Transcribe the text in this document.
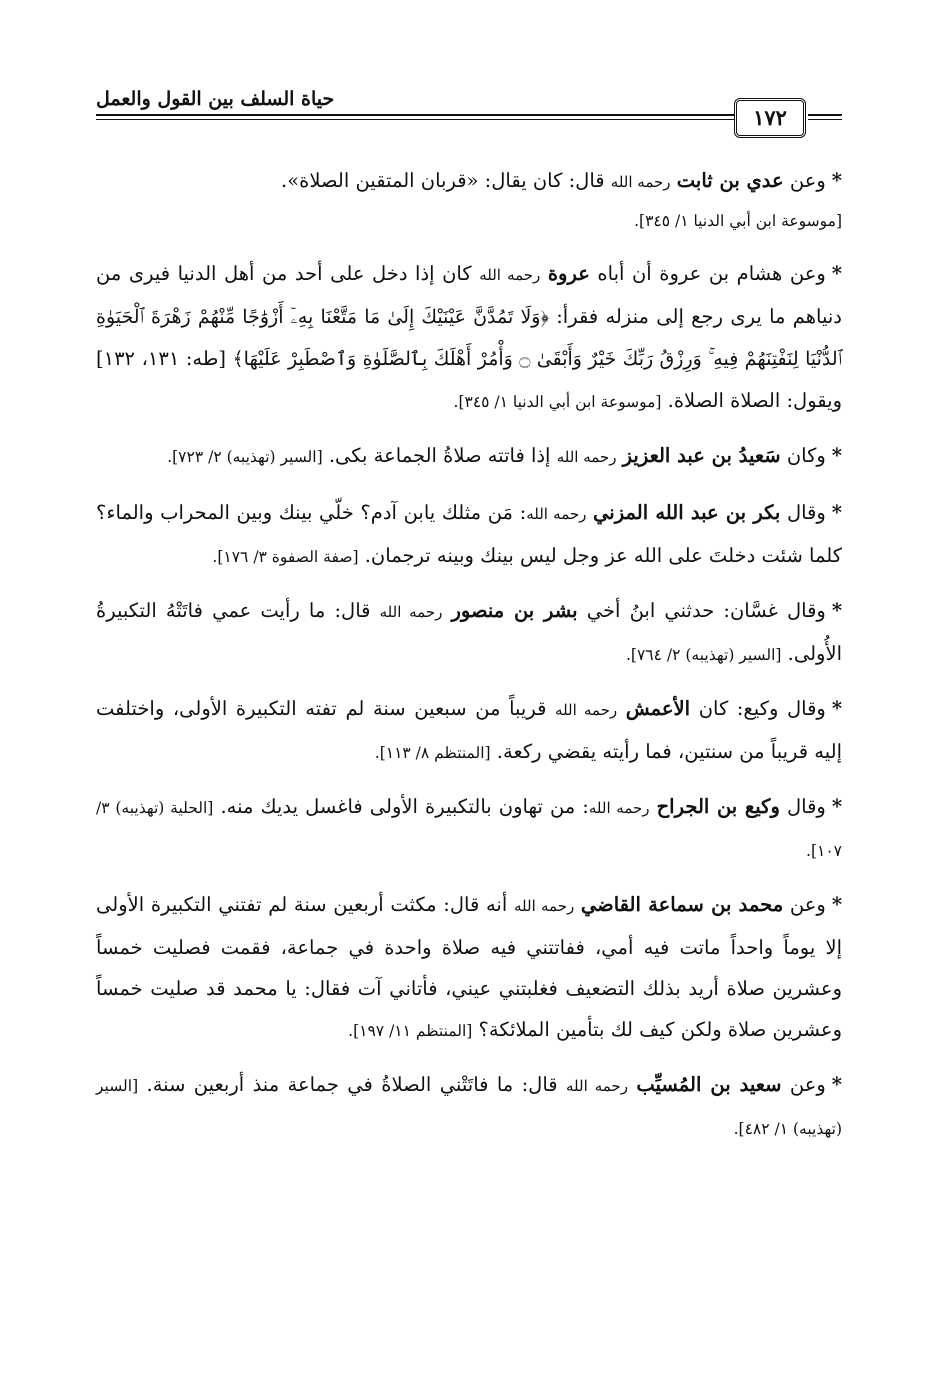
حياة السلف بين القول والعمل
١٧٢

*وعن عدي بن ثابت رحمه الله قال: كان يقال: «قربان المتقين الصلاة».

[موسوعة ابن أبي الدنيا ١/ ٣٤٥].

*وعن هشام بن عروة أن أباه عروة رحمه الله كان إذا دخل على أحد من أهل الدنيا فيرى من دنياهم ما يرى رجع إلى منزله فقرأ: ﴿وَلَا تَمُدَّنَّ عَيْنَيْكَ إِلَىٰ مَا مَتَّعْنَا بِهِۦٓ أَزْوَٰجًا مِّنْهُمْ زَهْرَةَ ٱلْحَيَوٰةِ ٱلدُّنْيَا لِنَفْتِنَهُمْ فِيهِ ۚ وَرِزْقُ رَبِّكَ خَيْرٌ وَأَبْقَىٰ ۝ وَأْمُرْ أَهْلَكَ بِٱلصَّلَوٰةِ وَٱصْطَبِرْ عَلَيْهَا﴾ [طه: ١٣١، ١٣٢] ويقول: الصلاة الصلاة. [موسوعة ابن أبي الدنيا ١/ ٣٤٥].

*وكان سَعيدُ بن عبد العزيز رحمه الله إذا فاتته صلاةُ الجماعة بكى. [السير (تهذيبه) ٢/ ٧٢٣].

*وقال بكر بن عبد الله المزني رحمه الله: مَن مثلك يابن آدم؟ خلّي بينك وبين المحراب والماء؟ كلما شئت دخلتَ على الله عز وجل ليس بينك وبينه ترجمان. [صفة الصفوة ٣/ ١٧٦].

*وقال غسَّان: حدثني ابنُ أخي بشر بن منصور رحمه الله قال: ما رأيت عمي فاتَتْهُ التكبيرةُ الأُولى. [السير (تهذيبه) ٢/ ٧٦٤].

*وقال وكيع: كان الأعمش رحمه الله قريباً من سبعين سنة لم تفته التكبيرة الأولى، واختلفت إليه قريباً من سنتين، فما رأيته يقضي ركعة. [المنتظم ٨/ ١١٣].

*وقال وكيع بن الجراح رحمه الله: من تهاون بالتكبيرة الأولى فاغسل يديك منه. [الحلية (تهذيبه) ٣/ ١٠٧].

*وعن محمد بن سماعة القاضي رحمه الله أنه قال: مكثت أربعين سنة لم تفتني التكبيرة الأولى إلا يوماً واحداً ماتت فيه أمي، ففاتتني فيه صلاة واحدة في جماعة، فقمت فصليت خمساً وعشرين صلاة أريد بذلك التضعيف فغلبتني عيني، فأتاني آت فقال: يا محمد قد صليت خمساً وعشرين صلاة ولكن كيف لك بتأمين الملائكة؟ [المنتظم ١١/ ١٩٧].

*وعن سعيد بن المُسيِّب رحمه الله قال: ما فاتَتْني الصلاةُ في جماعة منذ أربعين سنة. [السير (تهذيبه) ١/ ٤٨٢].
